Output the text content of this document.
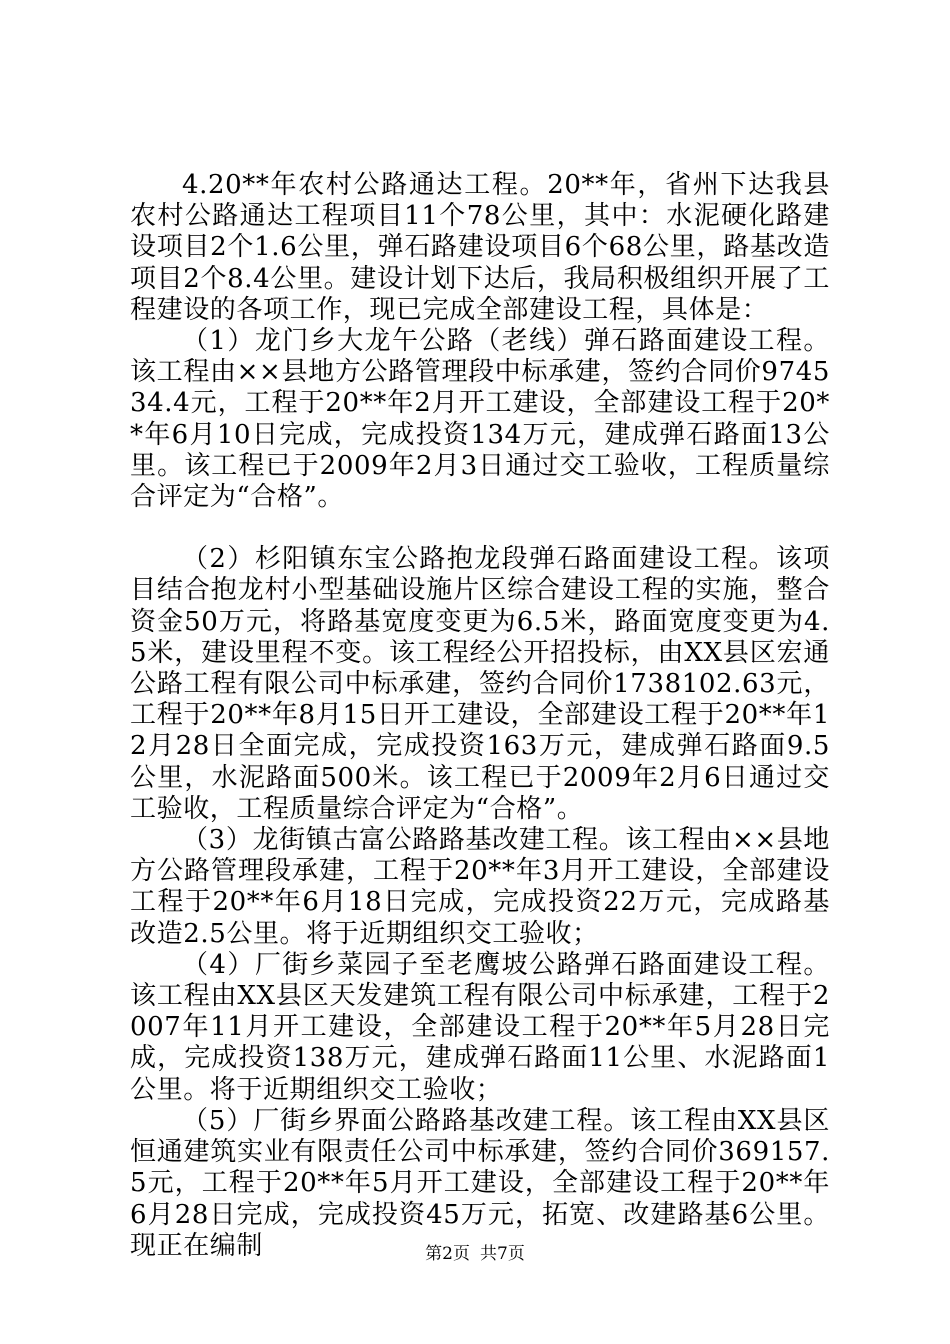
4.20**年农村公路通达工程。20**年，省州下达我县农村公路通达工程项目11个78公里，其中：水泥硬化路建设项目2个1.6公里，弹石路建设项目6个68公里，路基改造项目2个8.4公里。建设计划下达后，我局积极组织开展了工程建设的各项工作，现已完成全部建设工程，具体是：

（1）龙门乡大龙午公路（老线）弹石路面建设工程。该工程由××县地方公路管理段中标承建，签约合同价974534.4元，工程于20**年2月开工建设，全部建设工程于20**年6月10日完成，完成投资134万元，建成弹石路面13公里。该工程已于2009年2月3日通过交工验收，工程质量综合评定为“合格”。

（2）杉阳镇东宝公路抱龙段弹石路面建设工程。该项目结合抱龙村小型基础设施片区综合建设工程的实施，整合资金50万元，将路基宽度变更为6.5米，路面宽度变更为4.5米，建设里程不变。该工程经公开招投标，由XX县区宏通公路工程有限公司中标承建，签约合同价1738102.63元，工程于20**年8月15日开工建设，全部建设工程于20**年12月28日全面完成，完成投资163万元，建成弹石路面9.5公里，水泥路面500米。该工程已于2009年2月6日通过交工验收，工程质量综合评定为“合格”。

（3）龙街镇古富公路路基改建工程。该工程由××县地方公路管理段承建，工程于20**年3月开工建设，全部建设工程于20**年6月18日完成，完成投资22万元，完成路基改造2.5公里。将于近期组织交工验收；

（4）厂街乡菜园子至老鹰坡公路弹石路面建设工程。该工程由XX县区天发建筑工程有限公司中标承建，工程于2007年11月开工建设，全部建设工程于20**年5月28日完成，完成投资138万元，建成弹石路面11公里、水泥路面1公里。将于近期组织交工验收；

（5）厂街乡界面公路路基改建工程。该工程由XX县区恒通建筑实业有限责任公司中标承建，签约合同价369157.5元，工程于20**年5月开工建设，全部建设工程于20**年6月28日完成，完成投资45万元，拓宽、改建路基6公里。现正在编制	第2页 共7页
